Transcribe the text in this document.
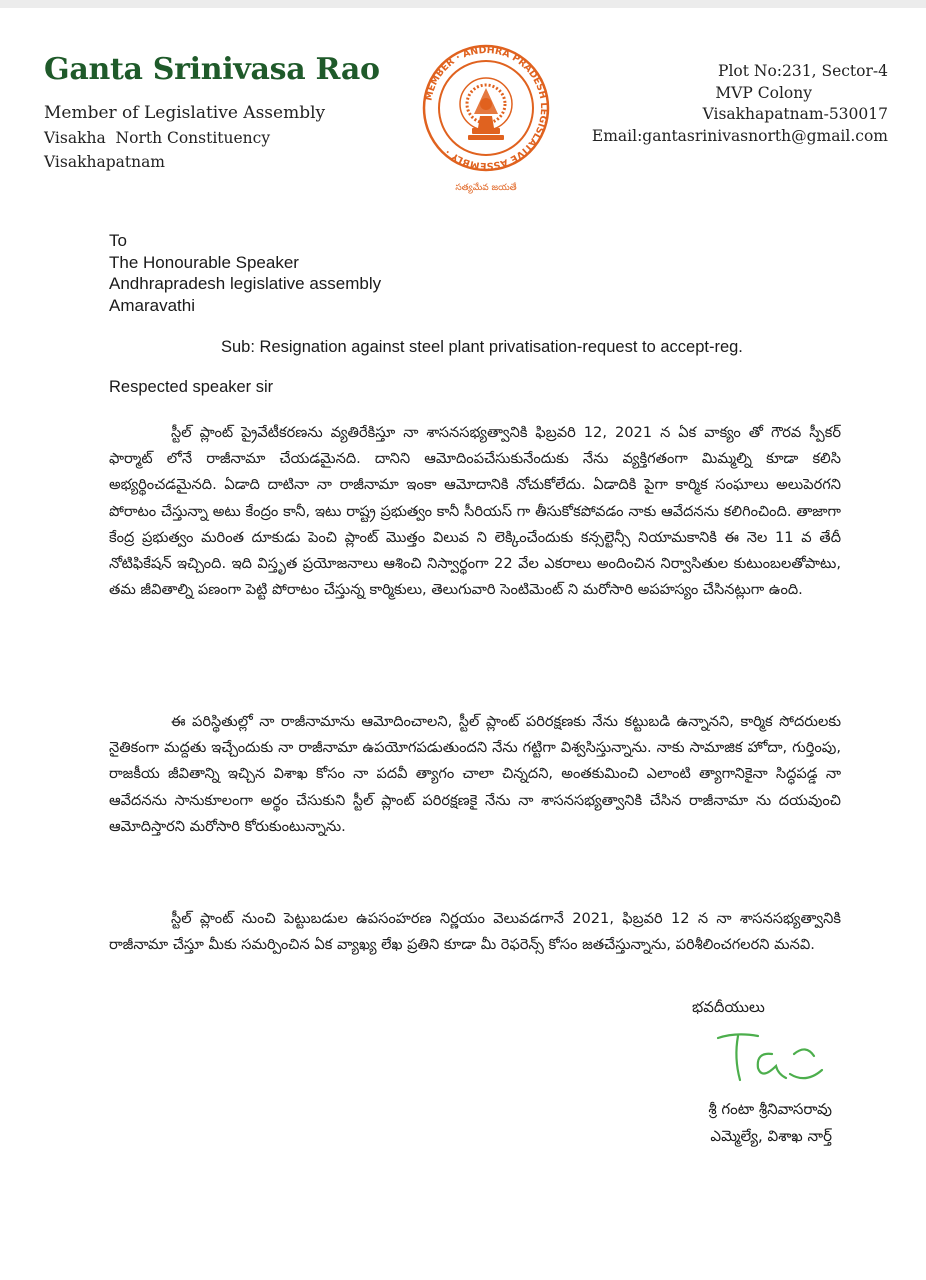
Ganta Srinivasa Rao
Member of Legislative Assembly
Visakha  North Constituency
Visakhapatnam
MEMBER · ANDHRA PRADESH LEGISLATIVE ASSEMBLY ·
సత్యమేవ జయతే
Plot No:231, Sector-4
MVP Colony
Visakhapatnam-530017
Email:gantasrinivasnorth@gmail.com
To
The Honourable Speaker
Andhrapradesh legislative assembly
Amaravathi
Sub: Resignation against steel plant privatisation-request to accept-reg.
Respected speaker sir
స్టీల్ ప్లాంట్ ప్రైవేటీకరణను వ్యతిరేకిస్తూ నా శాసనసభ్యత్వానికి ఫిబ్రవరి 12, 2021 న ఏక వాక్యం తో గౌరవ స్పీకర్ ఫార్మాట్ లోనే రాజీనామా చేయడమైనది. దానిని ఆమోదింపచేసుకునేందుకు నేను వ్యక్తిగతంగా మిమ్మల్ని కూడా కలిసి అభ్యర్థించడమైనది. ఏడాది దాటినా నా రాజీనామా ఇంకా ఆమోదానికి నోచుకోలేదు. ఏడాదికి పైగా కార్మిక సంఘాలు అలుపెరగని పోరాటం చేస్తున్నా అటు కేంద్రం కానీ, ఇటు రాష్ట్ర ప్రభుత్వం కానీ సీరియస్ గా తీసుకోకపోవడం నాకు ఆవేదనను కలిగించింది. తాజాగా కేంద్ర ప్రభుత్వం మరింత దూకుడు పెంచి ప్లాంట్ మొత్తం విలువ ని లెక్కించేందుకు కన్సల్టెన్సీ నియామకానికి ఈ నెల 11 వ తేదీ నోటిఫికేషన్ ఇచ్చింది. ఇది విస్తృత ప్రయోజనాలు ఆశించి నిస్వార్థంగా 22 వేల ఎకరాలు అందించిన నిర్వాసితుల కుటుంబలతోపాటు, తమ జీవితాల్ని పణంగా పెట్టి పోరాటం చేస్తున్న కార్మికులు, తెలుగువారి సెంటిమెంట్ ని మరోసారి అపహస్యం చేసినట్లుగా ఉంది.
ఈ పరిస్థితుల్లో నా రాజీనామాను ఆమోదించాలని, స్టీల్ ప్లాంట్ పరిరక్షణకు నేను కట్టుబడి ఉన్నానని, కార్మిక సోదరులకు నైతికంగా మద్దతు ఇచ్చేందుకు నా రాజీనామా ఉపయోగపడుతుందని నేను గట్టిగా విశ్వసిస్తున్నాను. నాకు సామాజిక హోదా, గుర్తింపు, రాజకీయ జీవితాన్ని ఇచ్చిన విశాఖ కోసం నా పదవీ త్యాగం చాలా చిన్నదని, అంతకుమించి ఎలాంటి త్యాగానికైనా సిద్ధపడ్డ నా ఆవేదనను సానుకూలంగా అర్థం చేసుకుని స్టీల్ ప్లాంట్ పరిరక్షణకై నేను నా శాసనసభ్యత్వానికి చేసిన రాజీనామా ను దయవుంచి ఆమోదిస్తారని మరోసారి కోరుకుంటున్నాను.
స్టీల్ ప్లాంట్ నుంచి పెట్టుబడుల ఉపసంహరణ నిర్ణయం వెలువడగానే 2021, ఫిబ్రవరి 12 న నా శాసనసభ్యత్వానికి రాజీనామా చేస్తూ మీకు సమర్పించిన ఏక వ్యాఖ్య లేఖ ప్రతిని కూడా మీ రెఫరెన్స్ కోసం జతచేస్తున్నాను, పరిశీలించగలరని మనవి.
భవదీయులు
శ్రీ గంటా శ్రీనివాసరావు
ఎమ్మెల్యే, విశాఖ నార్త్
